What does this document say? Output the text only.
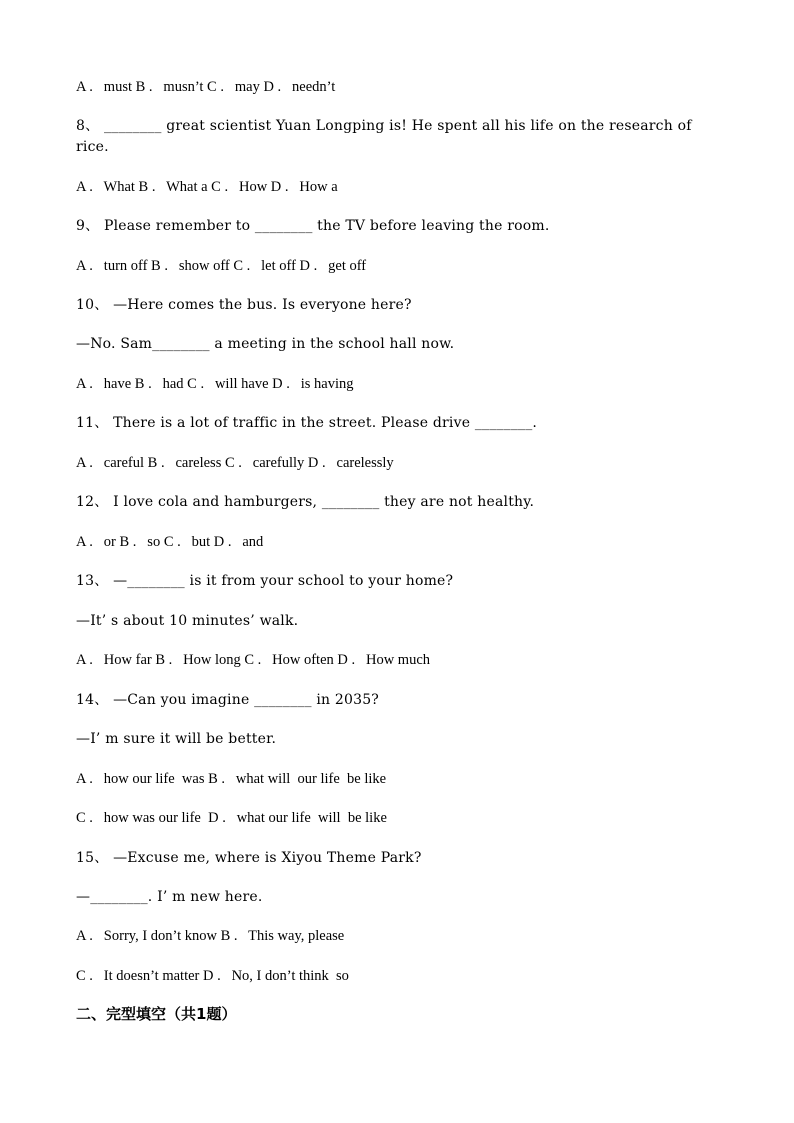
A .   must B .   musn’t C .   may D .   needn’t
8、 ________ great scientist Yuan Longping is! He spent all his life on the research of rice.
A .   What B .   What a C .   How D .   How a
9、 Please remember to ________ the TV before leaving the room.
A .   turn off B .   show off C .   let off D .   get off
10、 —Here comes the bus. Is everyone here?
—No. Sam________ a meeting in the school hall now.
A .   have B .   had C .   will have D .   is having
11、 There is a lot of traffic in the street. Please drive ________.
A .   careful B .   careless C .   carefully D .   carelessly
12、 I love cola and hamburgers, ________ they are not healthy.
A .   or B .   so C .   but D .   and
13、 —________ is it from your school to your home?
—It’ s about 10 minutes’ walk.
A .   How far B .   How long C .   How often D .   How much
14、 —Can you imagine ________ in 2035?
—I’ m sure it will be better.
A .   how our life  was B .   what will  our life  be like
C .   how was our life  D .   what our life  will  be like
15、 —Excuse me, where is Xiyou Theme Park?
—________. I’ m new here.
A .   Sorry, I don’t know B .   This way, please
C .   It doesn’t matter D .   No, I don’t think  so
二、完型填空（共1题）
